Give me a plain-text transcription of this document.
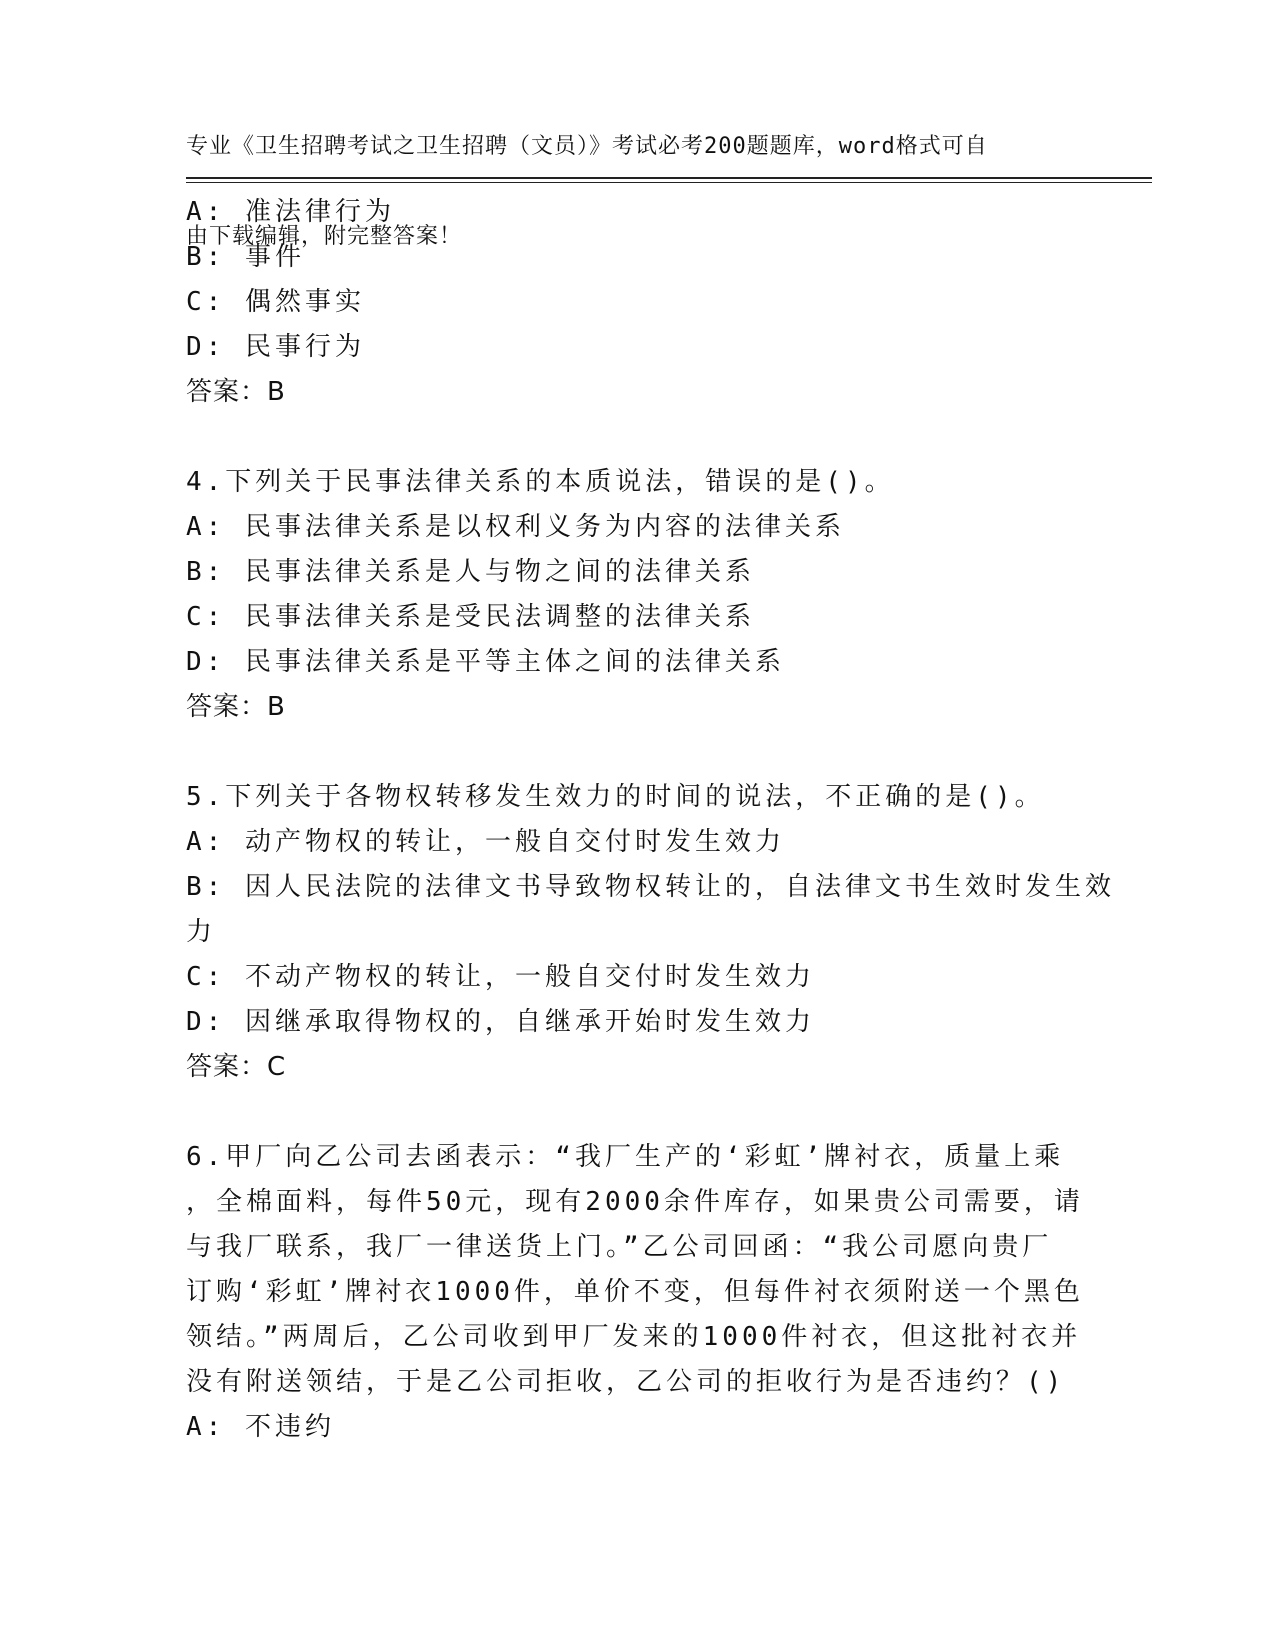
专业《卫生招聘考试之卫生招聘（文员）》考试必考200题题库，word格式可自

由下载编辑，附完整答案！

A: 准法律行为
B: 事件
C: 偶然事实
D: 民事行为
答案：B
4.下列关于民事法律关系的本质说法，错误的是()。
A: 民事法律关系是以权利义务为内容的法律关系
B: 民事法律关系是人与物之间的法律关系
C: 民事法律关系是受民法调整的法律关系
D: 民事法律关系是平等主体之间的法律关系
答案：B
5.下列关于各物权转移发生效力的时间的说法，不正确的是()。
A: 动产物权的转让，一般自交付时发生效力
B: 因人民法院的法律文书导致物权转让的，自法律文书生效时发生效
力
C: 不动产物权的转让，一般自交付时发生效力
D: 因继承取得物权的，自继承开始时发生效力
答案：C
6.甲厂向乙公司去函表示：“我厂生产的‘彩虹’牌衬衣，质量上乘
，全棉面料，每件50元，现有2000余件库存，如果贵公司需要，请
与我厂联系，我厂一律送货上门。”乙公司回函：“我公司愿向贵厂
订购‘彩虹’牌衬衣1000件，单价不变，但每件衬衣须附送一个黑色
领结。”两周后，乙公司收到甲厂发来的1000件衬衣，但这批衬衣并
没有附送领结，于是乙公司拒收，乙公司的拒收行为是否违约？()
A: 不违约
